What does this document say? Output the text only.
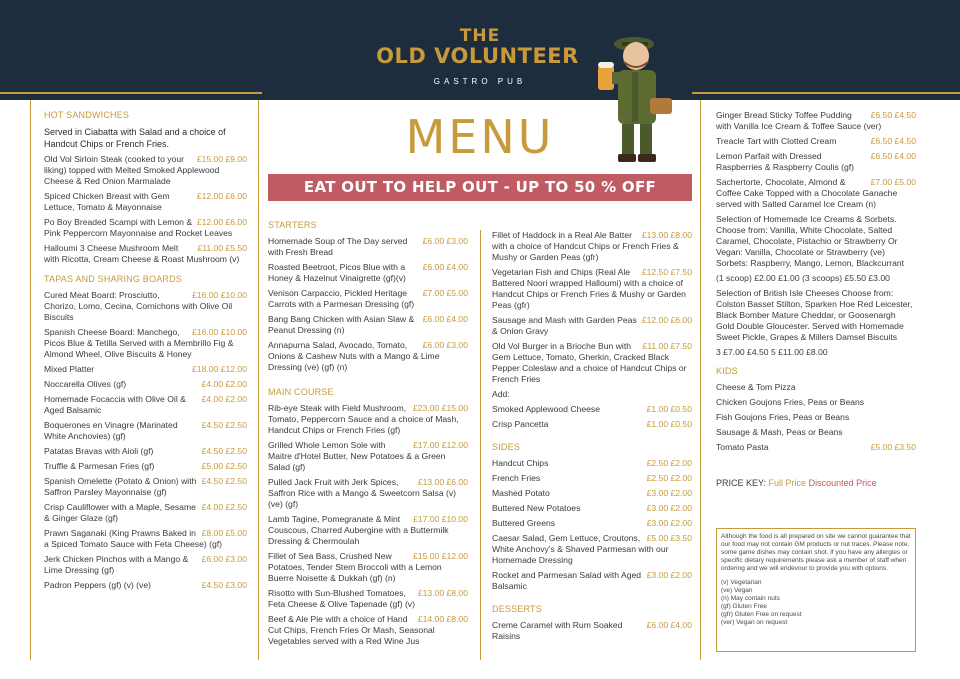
THE
OLD VOLUNTEER
GASTRO PUB
HOT SANDWICHES
Served in Ciabatta with Salad and a choice of Handcut Chips or French Fries.
£15.00 £9.00
Old Vol Sirloin Steak (cooked to your liking) topped with Melted Smoked Applewood Cheese & Red Onion Marmalade
£12.00 £6.00
Spiced Chicken Breast with Gem Lettuce, Tomato & Mayonnaise
£12.00 £6.00
Po Boy Breaded Scampi with Lemon & Pink Peppercorn Mayonnaise and Rocket Leaves
£11.00 £5.50
Halloumi 3 Cheese Mushroom Melt with Ricotta, Cream Cheese & Roast Mushroom (v)
TAPAS AND SHARING BOARDS
£16.00 £10.00
Cured Meat Board: Prosciutto, Chorizo, Lomo, Cecina, Cornichons with Olive Oil Biscuits
£16.00 £10.00
Spanish Cheese Board: Manchego, Picos Blue & Tetilla Served with a Membrillo Fig & Almond Wheel, Olive Biscuits & Honey
£18.00 £12.00
Mixed Platter
£4.00 £2.00
Noccarella Olives (gf)
£4.00 £2.00
Homemade Focaccia with Olive Oil & Aged Balsamic
£4.50 £2.50
Boquerones en Vinagre (Marinated White Anchovies) (gf)
£4.50 £2.50
Patatas Bravas with Aioli (gf)
£5.00 £2.50
Truffle & Parmesan Fries (gf)
£4.50 £2.50
Spanish Omelette (Potato & Onion) with Saffron Parsley Mayonnaise (gf)
£4.00 £2.50
Crisp Cauliflower with a Maple, Sesame & Ginger Glaze (gf)
£8.00 £5.00
Prawn Saganaki (King Prawns Baked in a Spiced Tomato Sauce with Feta Cheese) (gf)
£6.00 £3.00
Jerk Chicken Pinchos with a Mango & Lime Dressing (gf)
£4.50 £3.00
Padron Peppers (gf) (v) (ve)
MENU
EAT OUT TO HELP OUT - UP TO 50 % OFF
STARTERS
£6.00 £3.00
Homemade Soup of The Day served with Fresh Bread
£6.00 £4.00
Roasted Beetroot, Picos Blue with a Honey & Hazelnut Vinaigrette (gf)(v)
£7.00 £5.00
Venison Carpaccio, Pickled Heritage Carrots with a Parmesan Dressing (gf)
£6.00 £4.00
Bang Bang Chicken with Asian Slaw & Peanut Dressing (n)
£6.00 £3.00
Annapurna Salad, Avocado, Tomato, Onions & Cashew Nuts with a Mango & Lime Dressing (ve) (gf) (n)
MAIN COURSE
£23.00 £15.00
Rib-eye Steak with Field Mushroom, Tomato, Peppercorn Sauce and a choice of Mash, Handcut Chips or French Fries (gf)
£17.00 £12.00
Grilled Whole Lemon Sole with Maitre d'Hotel Butter, New Potatoes & a Green Salad (gf)
£13.00 £6.00
Pulled Jack Fruit with Jerk Spices, Saffron Rice with a Mango & Sweetcorn Salsa (v) (ve) (gf)
£17.00 £10.00
Lamb Tagine, Pomegranate & Mint Couscous, Charred Aubergine with a Buttermilk Dressing & Chermoulah
£15.00 £12.00
Fillet of Sea Bass, Crushed New Potatoes, Tender Stem Broccoli with a Lemon Buerre Noisette & Dukkah (gf) (n)
£13.00 £8.00
Risotto with Sun-Blushed Tomatoes, Feta Cheese & Olive Tapenade (gf) (v)
£14.00 £8.00
Beef & Ale Pie with a choice of Hand Cut Chips, French Fries Or Mash, Seasonal Vegetables served with a Red Wine Jus
£13.00 £8.00
Fillet of Haddock in a Real Ale Batter with a choice of Handcut Chips or French Fries & Mushy or Garden Peas (gfr)
£12.50 £7.50
Vegetarian Fish and Chips (Real Ale Battered Noori wrapped Halloumi) with a choice of Handcut Chips or French Fries & Mushy or Garden Peas (gfr)
£12.00 £6.00
Sausage and Mash with Garden Peas & Onion Gravy
£11.00 £7.50
Old Vol Burger in a Brioche Bun with Gem Lettuce, Tomato, Gherkin, Cracked Black Pepper Coleslaw and a choice of Handcut Chips or French Fries
Add:
£1.00 £0.50
Smoked Applewood Cheese
£1.00 £0.50
Crisp Pancetta
SIDES
£2.50 £2.00
Handcut Chips
£2.50 £2.00
French Fries
£3.00 £2.00
Mashed Potato
£3.00 £2.00
Buttered New Potatoes
£3.00 £2.00
Buttered Greens
£5.00 £3.50
Caesar Salad, Gem Lettuce, Croutons, White Anchovy's & Shaved Parmesan with our Homemade Dressing
£3.00 £2.00
Rocket and Parmesan Salad with Aged Balsamic
DESSERTS
£6.00 £4.00
Creme Caramel with Rum Soaked Raisins
£6.50 £4.50
Ginger Bread Sticky Toffee Pudding with Vanilla Ice Cream & Toffee Sauce (ver)
£6.50 £4.50
Treacle Tart with Clotted Cream
£6.50 £4.00
Lemon Parfait with Dressed Raspberries & Raspberry Coulis (gf)
£7.00 £5.00
Sachertorte, Chocolate, Almond & Coffee Cake Topped with a Chocolate Ganache served with Salted Caramel Ice Cream (n)
Selection of Homemade Ice Creams & Sorbets. Choose from: Vanilla, White Chocolate, Salted Caramel, Chocolate, Pistachio or Strawberry Or Vegan: Vanilla, Chocolate or Strawberry (ve) Sorbets: Raspberry, Mango, Lemon, Blackcurrant
(1 scoop) £2.00 £1.00 (3 scoops) £5.50 £3.00
Selection of British Isle Cheeses Choose from: Colston Basset Stilton, Sparken Hoe Red Leicester, Black Bomber Mature Cheddar, or Goosenargh Gold Double Gloucester. Served with Homemade Sweet Pickle, Grapes & Millers Damsel Biscuits
3 £7.00 £4.50 5 £11.00 £8.00
KIDS
Cheese & Tom Pizza
Chicken Goujons Fries, Peas or Beans
Fish Goujons Fries, Peas or Beans
Sausage & Mash, Peas or Beans
£5.00 £3.50
Tomato Pasta
PRICE KEY: Full Price Discounted Price
Although the food is all prepared on site we cannot guarantee that our food may not contain GM products or nut traces. Please note, some game dishes may contain shot. If you have any allergies or specific dietary requirements please ask a member of staff when ordering and we will endevour to provide you with options.
(v) Vegetarian
(ve) Vegan
(n) May contain nuts
(gf) Gluten Free
(gfr) Gluten Free on request
(ver) Vegan on request
